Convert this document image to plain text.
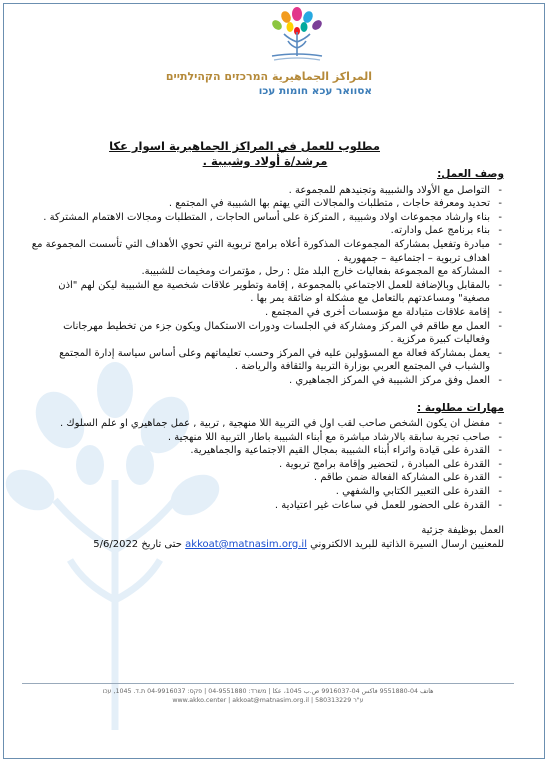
المراكز الجماهيرية המרכזים הקהילתיים
אסוואר עכא חומות עכו
مطلوب للعمل في المراكز الجماهيرية اسوار عكا
مرشد/ة أولاد وشبيبة .
وصف العمل:
- التواصل مع الأولاد والشبيبة وتجنيدهم للمجموعة .
- تحديد ومعرفة حاجات , متطلبات والمجالات التي يهتم بها الشبيبة في المجتمع .
- بناء وارشاد مجموعات اولاد وشبيبة , المتركزة على أساس الحاجات , المتطلبات ومجالات الاهتمام المشتركة .
- بناء برنامج عمل وادارته.
- مبادرة وتفعيل بمشاركة المجموعات المذكورة أعلاه برامج تربوية التي تحوي الأهداف التي تأسست المجموعة مع اهداف تربوية – اجتماعية – جمهورية .
- المشاركة مع المجموعة بفعاليات خارج البلد مثل : رحل , مؤتمرات ومخيمات للشبيبة.
- بالمقابل وبالإضافة للعمل الاجتماعي بالمجموعة , إقامة وتطوير علاقات شخصية مع الشبيبة ليكن لهم "اذن مصغية" ومساعدتهم بالتعامل مع مشكلة او ضائقة يمر بها .
- إقامة علاقات متبادلة مع مؤسسات أخرى في المجتمع .
- العمل مع طاقم في المركز ومشاركة في الجلسات ودورات الاستكمال ويكون جزء من تخطيط مهرجانات وفعاليات كبيرة مركزية .
- يعمل بمشاركة فعالة مع المسؤولين عليه في المركز وحسب تعليماتهم وعلى أساس سياسة إدارة المجتمع والشباب في المجتمع العربي بوزارة التربية والثقافة والرياضة .
- العمل وفق مركز الشبيبة في المركز الجماهيري .
مهارات مطلوبة :
- مفضل ان يكون الشخص صاحب لقب اول في التربية اللا منهجية , تربية , عمل جماهيري او علم السلوك .
- صاحب تجربة سابقة بالارشاد مباشرة مع أبناء الشبيبة باطار التربية اللا منهجية .
- القدرة على قيادة واثراء أبناء الشبيبة بمجال القيم الاجتماعية والجماهيرية.
- القدرة على المبادرة , لتحضير وإقامة برامج تربوية .
- القدرة على المشاركة الفعالة ضمن طاقم .
- القدرة على التعبير الكتابي والشفهي .
- القدرة على الحضور للعمل في ساعات غير اعتيادية .
العمل بوظيفة جزئية
للمعنيين ارسال السيرة الذاتية للبريد الالكتروني akkoat@matnasim.org.il حتى تاريخ 5/6/2022
هاتف 04-9551880 فاكس 04-9916037 ص.ب 1045، عكا | משרד: 04-9551880 | פקס: 04-9916037 ת.ד. 1045, עכו
ע"ר 580313229 | www.akko.center | akkoat@matnasim.org.il
